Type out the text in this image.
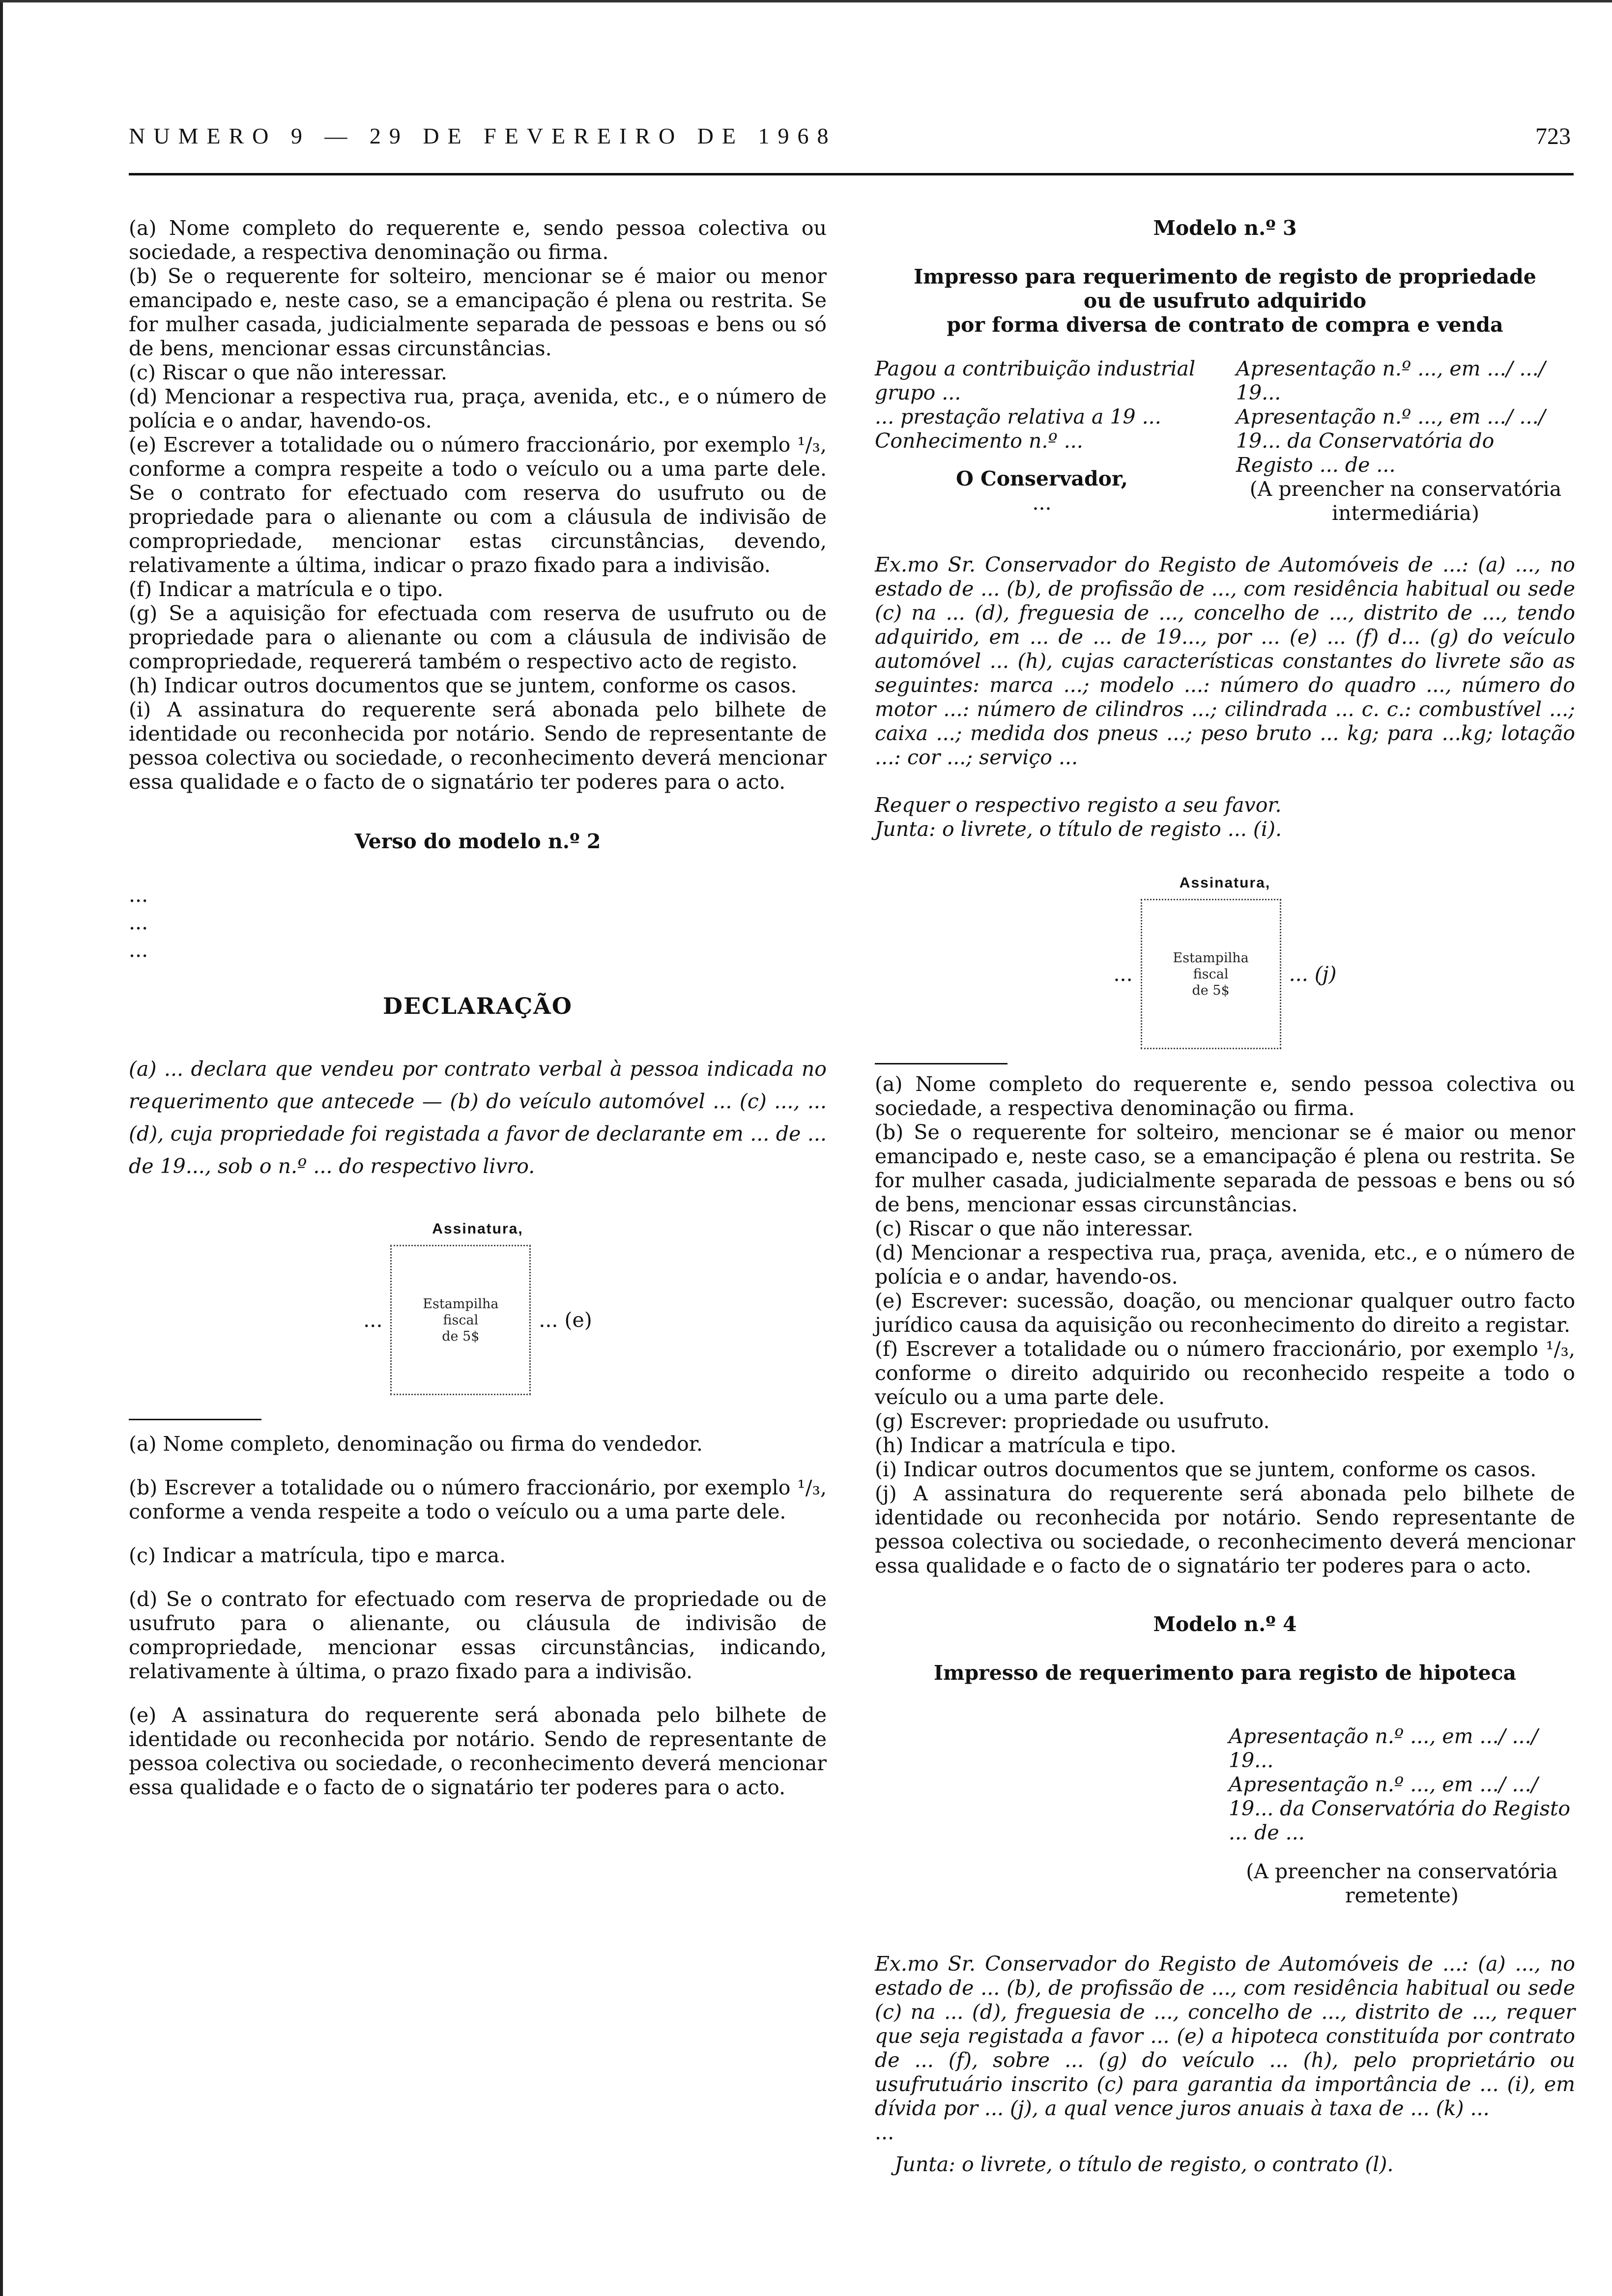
NUMERO 9 — 29 DE FEVEREIRO DE 1968	723

(a) Nome completo do requerente e, sendo pessoa colectiva ou sociedade, a respectiva denominação ou firma.

(b) Se o requerente for solteiro, mencionar se é maior ou menor emancipado e, neste caso, se a emancipação é plena ou restrita. Se for mulher casada, judicialmente separada de pessoas e bens ou só de bens, mencionar essas circunstâncias.

(c) Riscar o que não interessar.

(d) Mencionar a respectiva rua, praça, avenida, etc., e o número de polícia e o andar, havendo-os.

(e) Escrever a totalidade ou o número fraccionário, por exemplo ¹/₃, conforme a compra respeite a todo o veículo ou a uma parte dele. Se o contrato for efectuado com reserva do usufruto ou de propriedade para o alienante ou com a cláusula de indivisão de compropriedade, mencionar estas circunstâncias, devendo, relativamente a última, indicar o prazo fixado para a indivisão.

(f) Indicar a matrícula e o tipo.

(g) Se a aquisição for efectuada com reserva de usufruto ou de propriedade para o alienante ou com a cláusula de indivisão de compropriedade, requererá também o respectivo acto de registo.

(h) Indicar outros documentos que se juntem, conforme os casos.

(i) A assinatura do requerente será abonada pelo bilhete de identidade ou reconhecida por notário. Sendo de representante de pessoa colectiva ou sociedade, o reconhecimento deverá mencionar essa qualidade e o facto de o signatário ter poderes para o acto.

Verso do modelo n.º 2

...
...
...

DECLARAÇÃO

(a) ... declara que vendeu por contrato verbal à pessoa indicada no requerimento que antecede — (b) do veículo automóvel ... (c) ..., ... (d), cuja propriedade foi registada a favor de declarante em ... de ... de 19..., sob o n.º ... do respectivo livro.

Assinatura,
...
Estampilha
fiscal
de 5$
... (e)

(a) Nome completo, denominação ou firma do vendedor.

(b) Escrever a totalidade ou o número fraccionário, por exemplo ¹/₃, conforme a venda respeite a todo o veículo ou a uma parte dele.

(c) Indicar a matrícula, tipo e marca.

(d) Se o contrato for efectuado com reserva de propriedade ou de usufruto para o alienante, ou cláusula de indivisão de compropriedade, mencionar essas circunstâncias, indicando, relativamente à última, o prazo fixado para a indivisão.

(e) A assinatura do requerente será abonada pelo bilhete de identidade ou reconhecida por notário. Sendo de representante de pessoa colectiva ou sociedade, o reconhecimento deverá mencionar essa qualidade e o facto de o signatário ter poderes para o acto.

Modelo n.º 3

Impresso para requerimento de registo de propriedade

ou de usufruto adquirido

por forma diversa de contrato de compra e venda

Pagou a contribuição industrial grupo ...

... prestação relativa a 19 ...

Conhecimento n.º ...

O Conservador,

...

Apresentação n.º ..., em .../ .../ 19...

Apresentação n.º ..., em .../ .../ 19... da Conservatória do Registo ... de ...

(A preencher na conservatória intermediária)

Ex.mo Sr. Conservador do Registo de Automóveis de ...: (a) ..., no estado de ... (b), de profissão de ..., com residência habitual ou sede (c) na ... (d), freguesia de ..., concelho de ..., distrito de ..., tendo adquirido, em ... de ... de 19..., por ... (e) ... (f) d... (g) do veículo automóvel ... (h), cujas características constantes do livrete são as seguintes: marca ...; modelo ...: número do quadro ..., número do motor ...: número de cilindros ...; cilindrada ... c. c.: combustível ...; caixa ...; medida dos pneus ...; peso bruto ... kg; para ...kg; lotação ...: cor ...; serviço ...

Requer o respectivo registo a seu favor.

Junta: o livrete, o título de registo ... (i).

Assinatura,
...
Estampilha
fiscal
de 5$
... (j)

(a) Nome completo do requerente e, sendo pessoa colectiva ou sociedade, a respectiva denominação ou firma.

(b) Se o requerente for solteiro, mencionar se é maior ou menor emancipado e, neste caso, se a emancipação é plena ou restrita. Se for mulher casada, judicialmente separada de pessoas e bens ou só de bens, mencionar essas circunstâncias.

(c) Riscar o que não interessar.

(d) Mencionar a respectiva rua, praça, avenida, etc., e o número de polícia e o andar, havendo-os.

(e) Escrever: sucessão, doação, ou mencionar qualquer outro facto jurídico causa da aquisição ou reconhecimento do direito a registar.

(f) Escrever a totalidade ou o número fraccionário, por exemplo ¹/₃, conforme o direito adquirido ou reconhecido respeite a todo o veículo ou a uma parte dele.

(g) Escrever: propriedade ou usufruto.

(h) Indicar a matrícula e tipo.

(i) Indicar outros documentos que se juntem, conforme os casos.

(j) A assinatura do requerente será abonada pelo bilhete de identidade ou reconhecida por notário. Sendo representante de pessoa colectiva ou sociedade, o reconhecimento deverá mencionar essa qualidade e o facto de o signatário ter poderes para o acto.

Modelo n.º 4

Impresso de requerimento para registo de hipoteca

Apresentação n.º ..., em .../ .../ 19...

Apresentação n.º ..., em .../ .../ 19... da Conservatória do Registo ... de ...

(A preencher na conservatória remetente)

Ex.mo Sr. Conservador do Registo de Automóveis de ...: (a) ..., no estado de ... (b), de profissão de ..., com residência habitual ou sede (c) na ... (d), freguesia de ..., concelho de ..., distrito de ..., requer que seja registada a favor ... (e) a hipoteca constituída por contrato de ... (f), sobre ... (g) do veículo ... (h), pelo proprietário ou usufrutuário inscrito (c) para garantia da importância de ... (i), em dívida por ... (j), a qual vence juros anuais à taxa de ... (k) ...

...

Junta: o livrete, o título de registo, o contrato (l).
